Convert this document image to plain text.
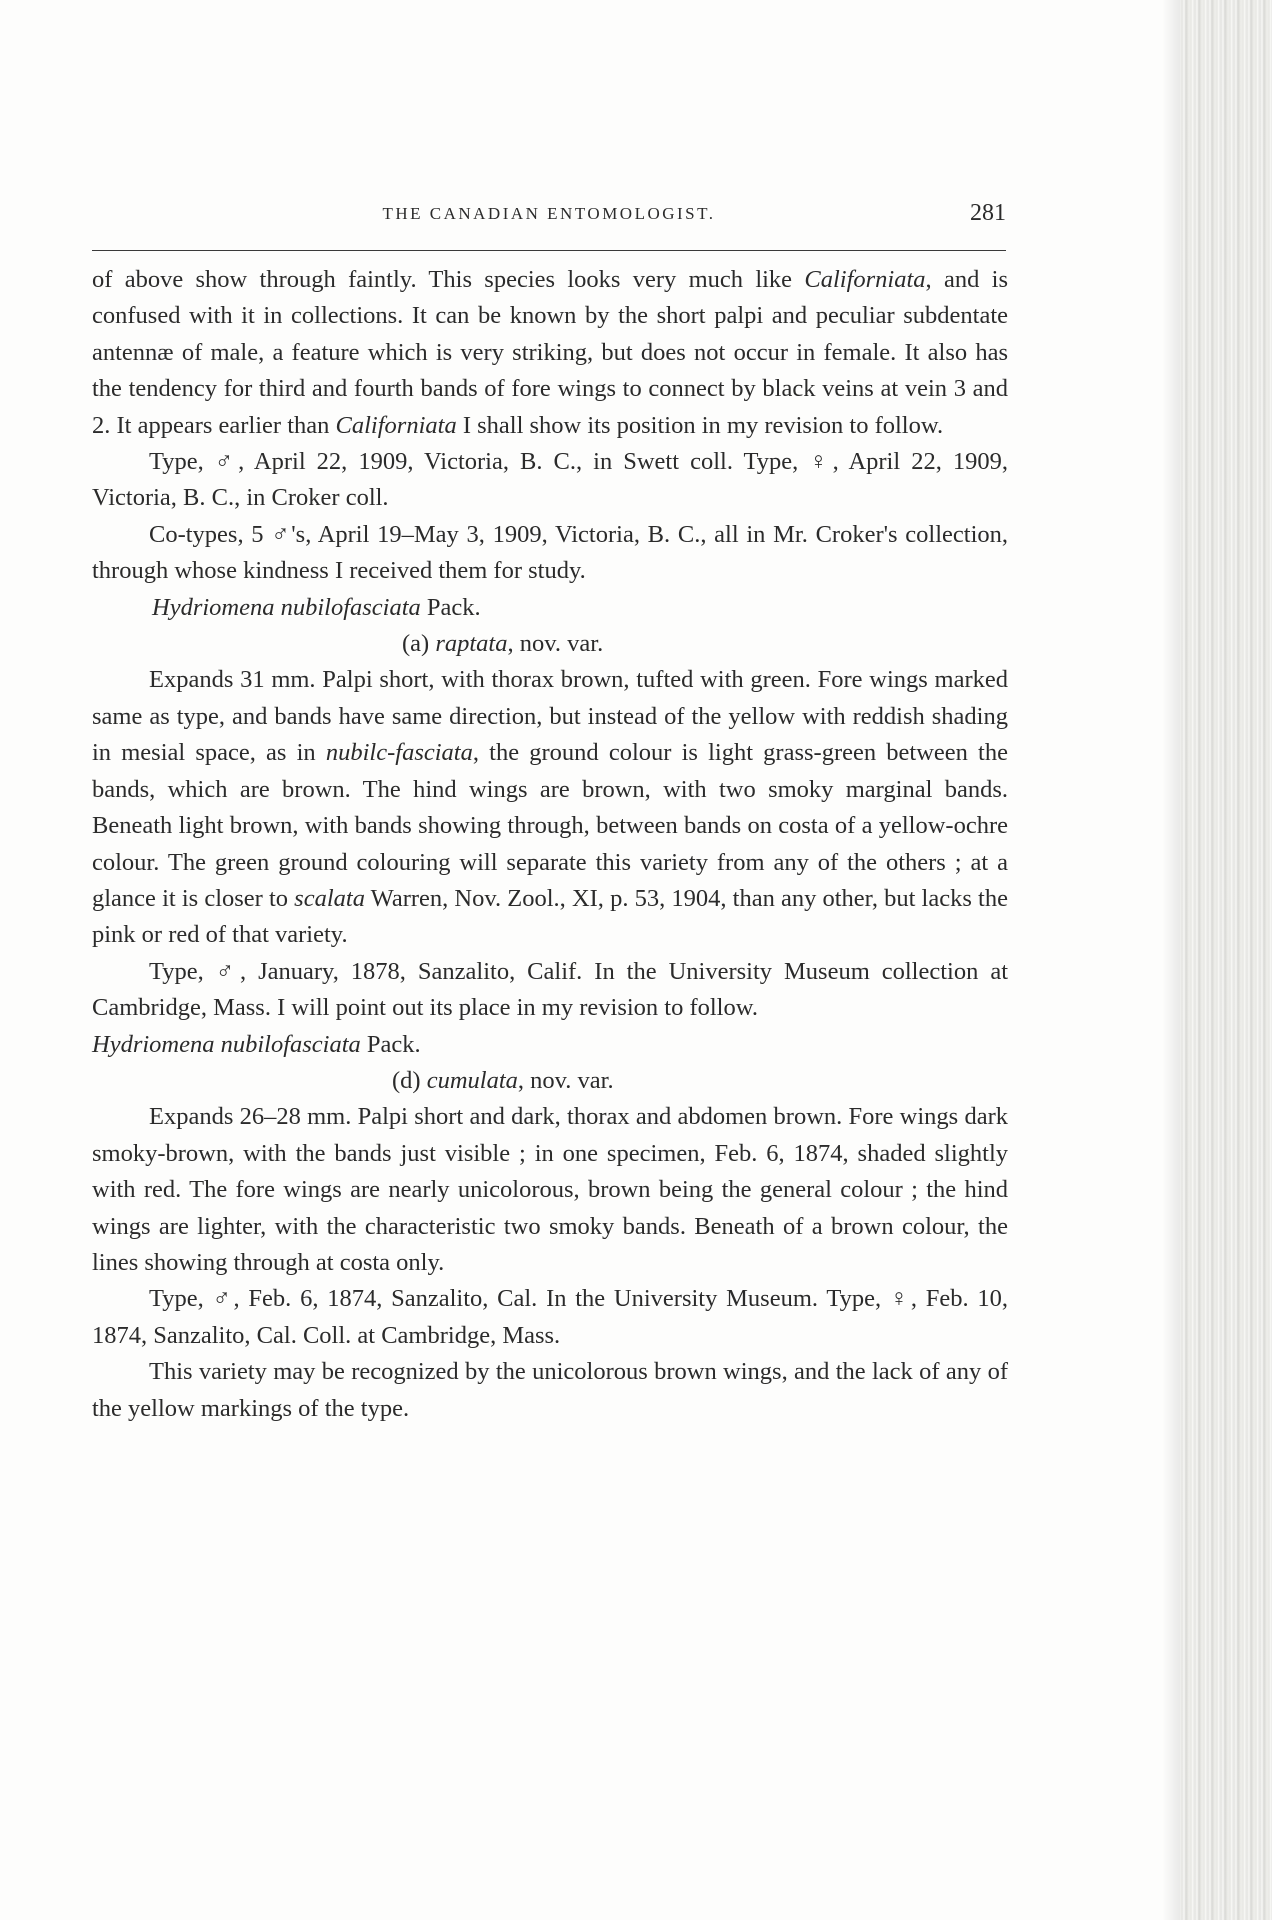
THE CANADIAN ENTOMOLOGIST.	281

of above show through faintly. This species looks very much like Californiata, and is confused with it in collections. It can be known by the short palpi and peculiar subdentate antennæ of male, a feature which is very striking, but does not occur in female. It also has the tendency for third and fourth bands of fore wings to connect by black veins at vein 3 and 2. It appears earlier than Californiata I shall show its position in my revision to follow.

Type, ♂, April 22, 1909, Victoria, B. C., in Swett coll. Type, ♀, April 22, 1909, Victoria, B. C., in Croker coll.

Co-types, 5 ♂'s, April 19–May 3, 1909, Victoria, B. C., all in Mr. Croker's collection, through whose kindness I received them for study.

Hydriomena nubilofasciata Pack.

(a) raptata, nov. var.

Expands 31 mm. Palpi short, with thorax brown, tufted with green. Fore wings marked same as type, and bands have same direction, but instead of the yellow with reddish shading in mesial space, as in nubilc-fasciata, the ground colour is light grass-green between the bands, which are brown. The hind wings are brown, with two smoky marginal bands. Beneath light brown, with bands showing through, between bands on costa of a yellow-ochre colour. The green ground colouring will separate this variety from any of the others ; at a glance it is closer to scalata Warren, Nov. Zool., XI, p. 53, 1904, than any other, but lacks the pink or red of that variety.

Type, ♂, January, 1878, Sanzalito, Calif. In the University Museum collection at Cambridge, Mass. I will point out its place in my revision to follow.

Hydriomena nubilofasciata Pack.

(d) cumulata, nov. var.

Expands 26–28 mm. Palpi short and dark, thorax and abdomen brown. Fore wings dark smoky-brown, with the bands just visible ; in one specimen, Feb. 6, 1874, shaded slightly with red. The fore wings are nearly unicolorous, brown being the general colour ; the hind wings are lighter, with the characteristic two smoky bands. Beneath of a brown colour, the lines showing through at costa only.

Type, ♂, Feb. 6, 1874, Sanzalito, Cal. In the University Museum. Type, ♀, Feb. 10, 1874, Sanzalito, Cal. Coll. at Cambridge, Mass.

This variety may be recognized by the unicolorous brown wings, and the lack of any of the yellow markings of the type.
